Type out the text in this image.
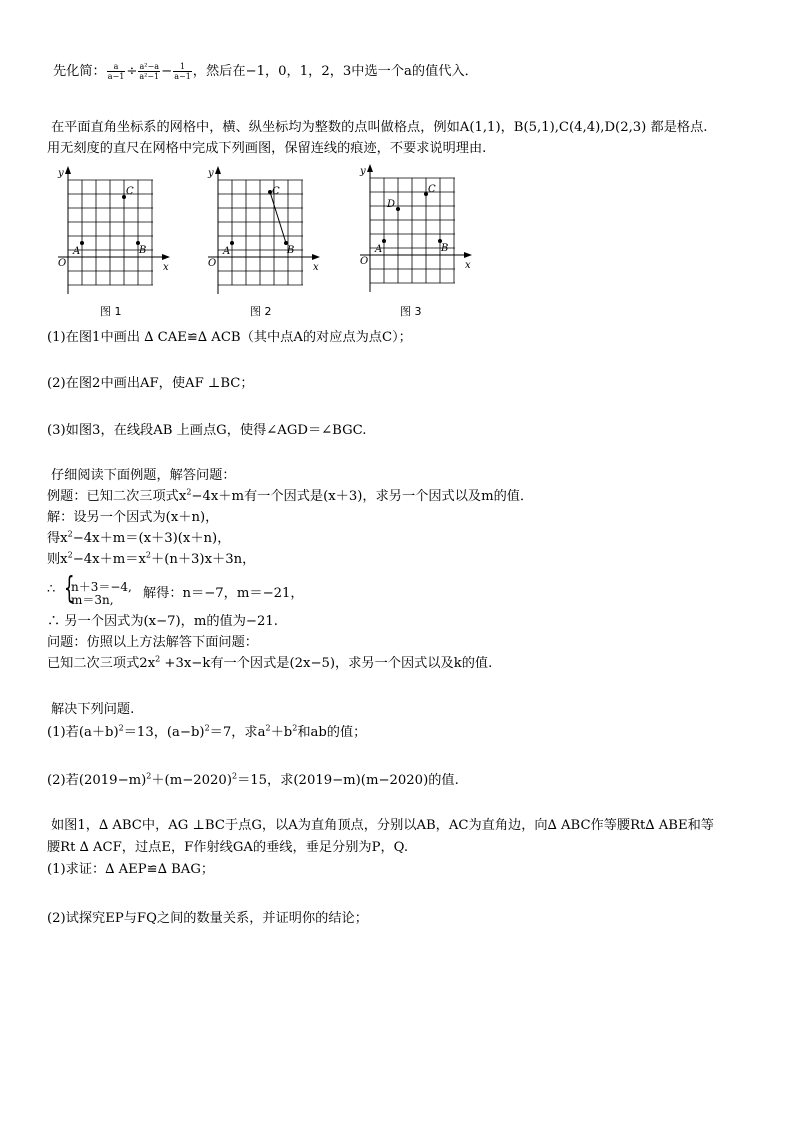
先化简： $\frac{a}{a-1} \div \frac{\text{a²−a}}{\text{a²−1}} - \frac{1}{a-1}$ ，然后在−1，0，1，2，3中选一个a的值代入．
在平面直角坐标系的网格中，横、纵坐标均为整数的点叫做格点，例如A(1,1)，B(5,1),C(4,4),D(2,3) 都是格点.
用无刻度的直尺在网格中完成下列画图，保留连线的痕迹，不要求说明理由.
y
x
O
A	B
C
图 1
y
x
O
A	B
C
图 2
y
x
O
A	B
C
D
图 3
(1)在图1中画出 ∆ CAE≌∆ ACB（其中点A的对应点为点C）；
(2)在图2中画出AF，使AF ⊥BC；
(3)如图3，在线段AB 上画点G，使得∠AGD＝∠BGC.
仔细阅读下面例题，解答问题：
例题：已知二次三项式$x^2-4x+m$有一个因式是(x＋3)，求另一个因式以及m的值．
解：设另一个因式为(x＋n)，
得$x^2-4x+m=(x+3)(x+n)$，
则$x^2-4x+m=x^2+(n+3)x+3n$，
∴ {
n＋3＝−4,
m＝3n, 解得：n＝−7，m＝−21，
∴ 另一个因式为(x−7)，m的值为−21.
问题：仿照以上方法解答下面问题：
已知二次三项式$2x^2 +3x-k$有一个因式是(2x−5)，求另一个因式以及k的值.
解决下列问题.
(1)若$(a+b)^2=13$，$(a-b)^2=7$，求$a^2+b^2$和ab的值；
(2)若$(2019-m)^2+(m-2020)^2=15$，求(2019−m)(m−2020)的值.
如图1，∆ ABC中，AG ⊥BC于点G，以A为直角顶点，分别以AB，AC为直角边，向∆ ABC作等腰Rt∆ ABE和等
腰Rt ∆ ACF，过点E，F作射线GA的垂线，垂足分别为P，Q.
(1)求证：∆ AEP≌∆ BAG；
(2)试探究EP与FQ之间的数量关系，并证明你的结论；
